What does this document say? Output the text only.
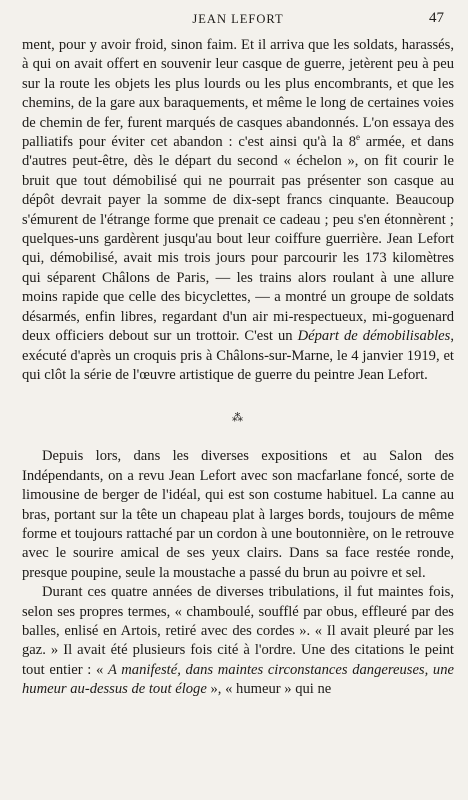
JEAN LEFORT	47

ment, pour y avoir froid, sinon faim. Et il arriva que les soldats, harassés, à qui on avait offert en souvenir leur casque de guerre, jetèrent peu à peu sur la route les objets les plus lourds ou les plus encombrants, et que les chemins, de la gare aux baraquements, et même le long de certaines voies de chemin de fer, furent marqués de casques abandonnés. L'on essaya des palliatifs pour éviter cet abandon : c'est ainsi qu'à la 8e armée, et dans d'autres peut-être, dès le départ du second « échelon », on fit courir le bruit que tout démobilisé qui ne pourrait pas présenter son casque au dépôt devrait payer la somme de dix-sept francs cinquante. Beaucoup s'émurent de l'étrange forme que prenait ce cadeau ; peu s'en étonnèrent ; quelques-uns gardèrent jusqu'au bout leur coiffure guerrière. Jean Lefort qui, démobilisé, avait mis trois jours pour parcourir les 173 kilomètres qui séparent Châlons de Paris, — les trains alors roulant à une allure moins rapide que celle des bicyclettes, — a montré un groupe de soldats désarmés, enfin libres, regardant d'un air mi-respectueux, mi-goguenard deux officiers debout sur un trottoir. C'est un Départ de démobilisables, exécuté d'après un croquis pris à Châlons-sur-Marne, le 4 janvier 1919, et qui clôt la série de l'œuvre artistique de guerre du peintre Jean Lefort.

⁂

Depuis lors, dans les diverses expositions et au Salon des Indépendants, on a revu Jean Lefort avec son macfarlane foncé, sorte de limousine de berger de l'idéal, qui est son costume habituel. La canne au bras, portant sur la tête un chapeau plat à larges bords, toujours de même forme et toujours rattaché par un cordon à une boutonnière, on le retrouve avec le sourire amical de ses yeux clairs. Dans sa face restée ronde, presque poupine, seule la moustache a passé du brun au poivre et sel.

Durant ces quatre années de diverses tribulations, il fut maintes fois, selon ses propres termes, « chamboulé, soufflé par obus, effleuré par des balles, enlisé en Artois, retiré avec des cordes ». « Il avait pleuré par les gaz. » Il avait été plusieurs fois cité à l'ordre. Une des citations le peint tout entier : « A manifesté, dans maintes circonstances dangereuses, une humeur au-dessus de tout éloge », « humeur » qui ne
